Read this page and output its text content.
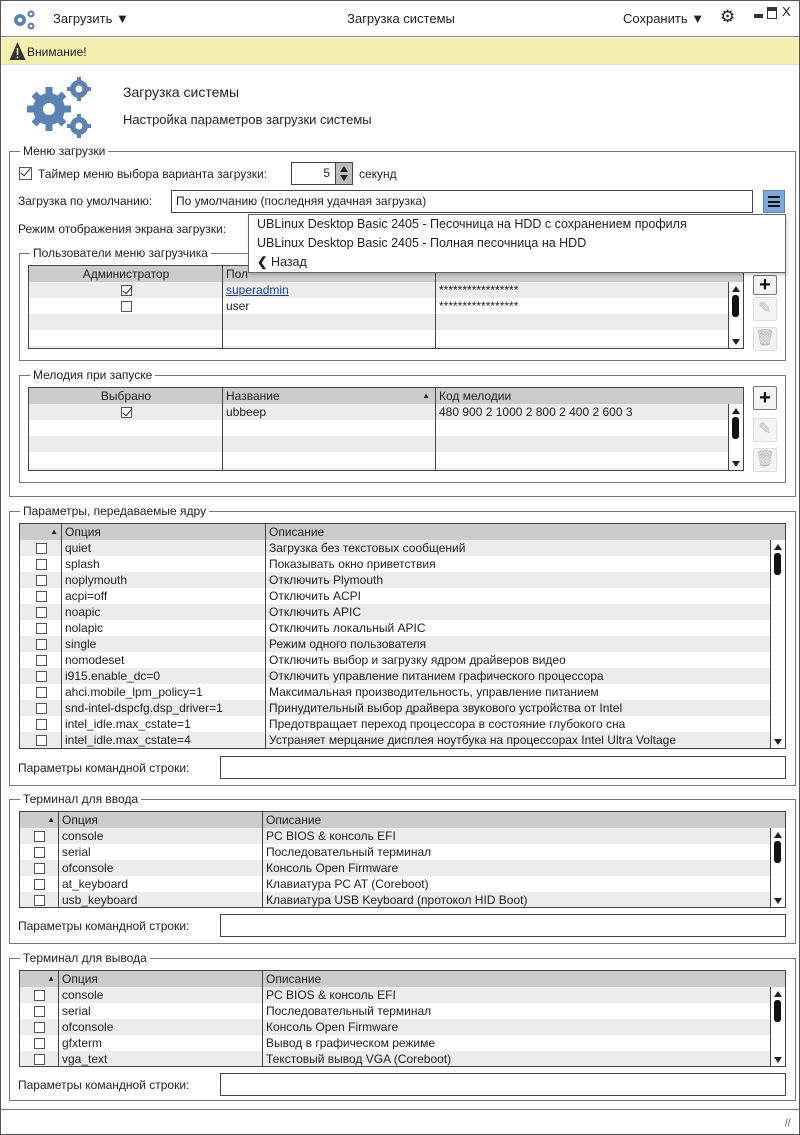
Загрузить ▼	Загрузка системы	Сохранить ▼ ⚙	X
Внимание!
Загрузка системы
Настройка параметров загрузки системы
Меню загрузки
Таймер меню выбора варианта загрузки:	5 секунд
Загрузка по умолчанию:	По умолчанию (последняя удачная загрузка)
Режим отображения экрана загрузки:
Пользователи меню загрузчика
Администратор	Пол
superadmin	*****************
user	*****************
+
✎
🗑
Мелодия при запуске
Выбрано	Название	▲ Код мелодии
ubbeep	480 900 2 1000 2 800 2 400 2 600 3
+
✎
🗑
UBLinux Desktop Basic 2405 - Песочница на HDD с сохранением профиля
UBLinux Desktop Basic 2405 - Полная песочница на HDD
❮ Назад
Параметры, передаваемые ядру
▲ Опция	Описание
quiet	Загрузка без текстовых сообщений
splash	Показывать окно приветствия
noplymouth	Отключить Plymouth
acpi=off	Отключить ACPI
noapic	Отключить APIC
nolapic	Отключить локальный APIC
single	Режим одного пользователя
nomodeset	Отключить выбор и загрузку ядром драйверов видео
i915.enable_dc=0	Отключить управление питанием графического процессора
ahci.mobile_lpm_policy=1	Максимальная производительность, управление питанием
snd-intel-dspcfg.dsp_driver=1	Принудительный выбор драйвера звукового устройства от Intel
intel_idle.max_cstate=1	Предотвращает переход процессора в состояние глубокого сна
intel_idle.max_cstate=4	Устраняет мерцание дисплея ноутбука на процессорах Intel Ultra Voltage
Параметры командной строки:
Терминал для ввода
▲ Опция	Описание
console	PC BIOS & консоль EFI
serial	Последовательный терминал
ofconsole	Консоль Open Firmware
at_keyboard	Клавиатура PC AT (Coreboot)
usb_keyboard	Клавиатура USB Keyboard (протокол HID Boot)
Параметры командной строки:
Терминал для вывода
▲ Опция	Описание
console	PC BIOS & консоль EFI
serial	Последовательный терминал
ofconsole	Консоль Open Firmware
gfxterm	Вывод в графическом режиме
vga_text	Текстовый вывод VGA (Coreboot)
Параметры командной строки:
//
